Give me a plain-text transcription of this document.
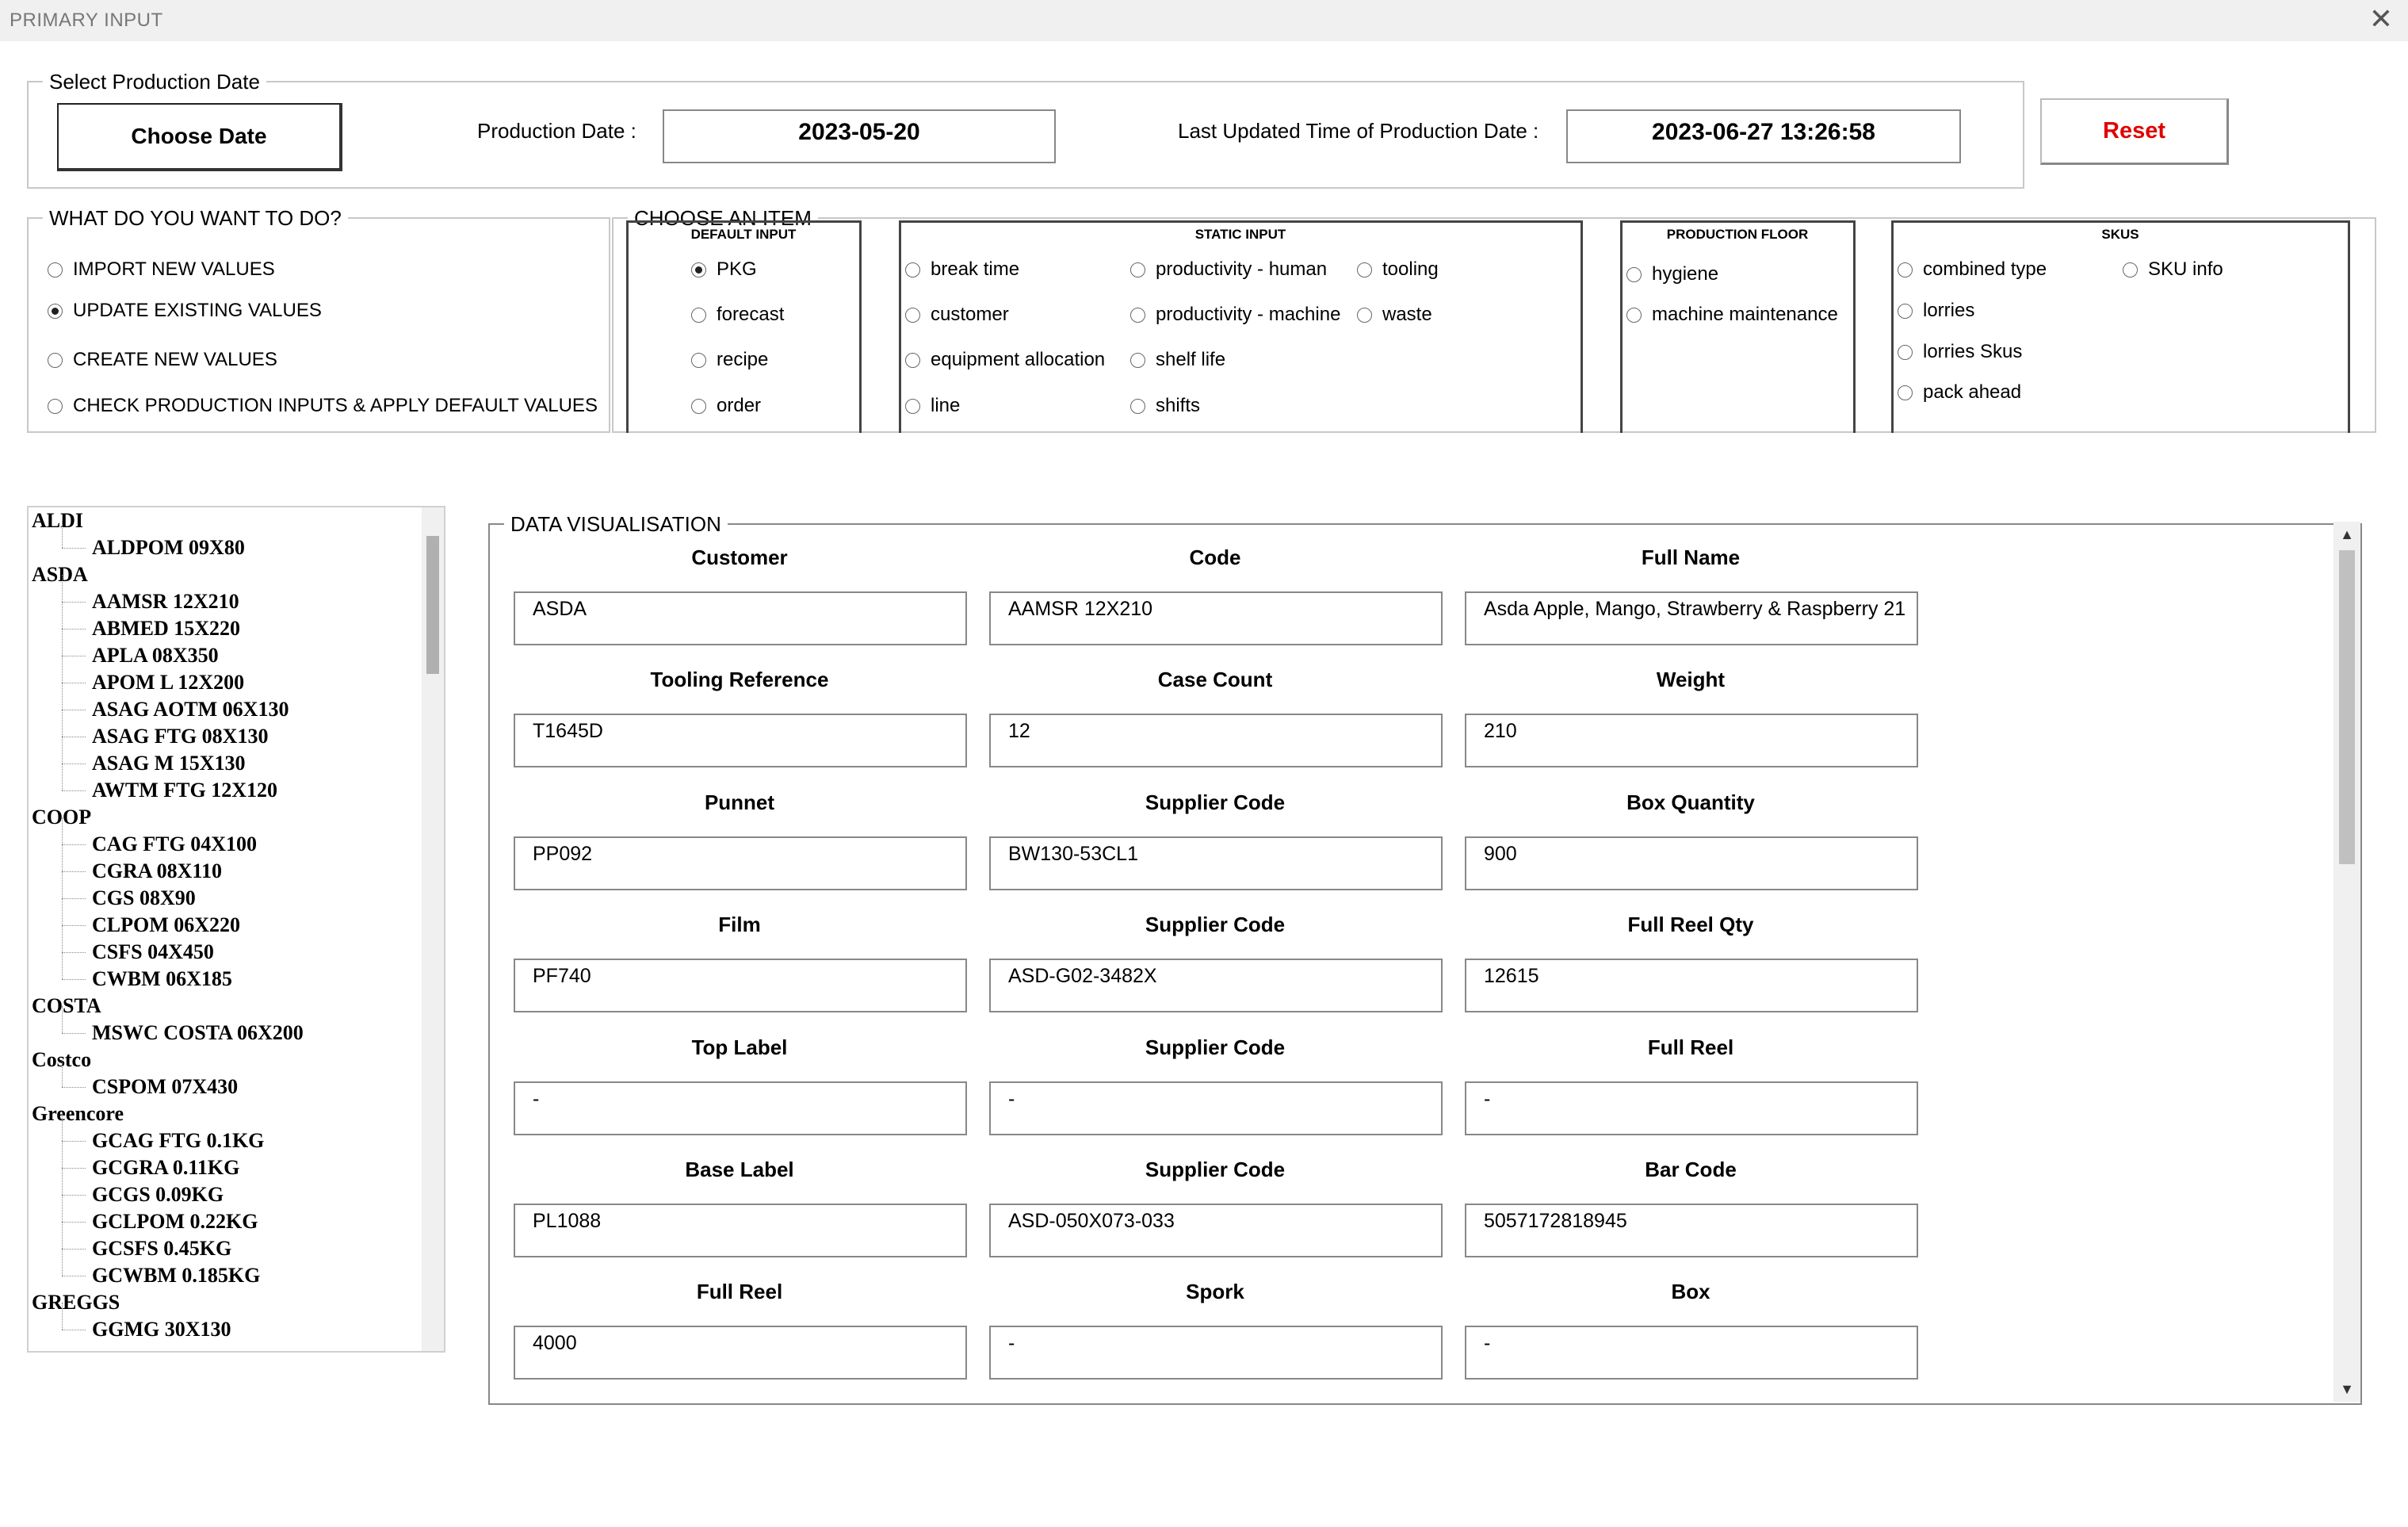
PRIMARY INPUT	✕
Select Production Date
Choose Date	Production Date :	2023-05-20	Last Updated Time of Production Date :	2023-06-27 13:26:58	Reset
WHAT DO YOU WANT TO DO?
IMPORT NEW VALUES
UPDATE EXISTING VALUES
CREATE NEW VALUES
CHECK PRODUCTION INPUTS & APPLY DEFAULT VALUES
CHOOSE AN ITEM
DEFAULT INPUT	STATIC INPUT	PRODUCTION FLOOR	SKUS
PKG
forecast
recipe
order
break time
customer
equipment allocation
line
productivity - human
productivity - machine
shelf life
shifts
tooling
waste
hygiene
machine maintenance
combined type
lorries
lorries Skus
pack ahead
SKU info
ALDI
ALDPOM 09X80
ASDA
AAMSR 12X210
ABMED 15X220
APLA 08X350
APOM L 12X200
ASAG AOTM 06X130
ASAG FTG 08X130
ASAG M 15X130
AWTM FTG 12X120
COOP
CAG FTG 04X100
CGRA 08X110
CGS 08X90
CLPOM 06X220
CSFS 04X450
CWBM 06X185
COSTA
MSWC COSTA 06X200
Costco
CSPOM 07X430
Greencore
GCAG FTG 0.1KG
GCGRA 0.11KG
GCGS 0.09KG
GCLPOM 0.22KG
GCSFS 0.45KG
GCWBM 0.185KG
GREGGS
GGMG 30X130
DATA VISUALISATION
Customer
ASDA
Code
AAMSR 12X210
Full Name
Asda Apple, Mango, Strawberry & Raspberry 21
Tooling Reference
T1645D
Case Count
12
Weight
210
Punnet
PP092
Supplier Code
BW130-53CL1
Box Quantity
900
Film
PF740
Supplier Code
ASD-G02-3482X
Full Reel Qty
12615
Top Label
-
Supplier Code
-
Full Reel
-
Base Label
PL1088
Supplier Code
ASD-050X073-033
Bar Code
5057172818945
Full Reel
4000
Spork
-
Box
-
▲
▼
